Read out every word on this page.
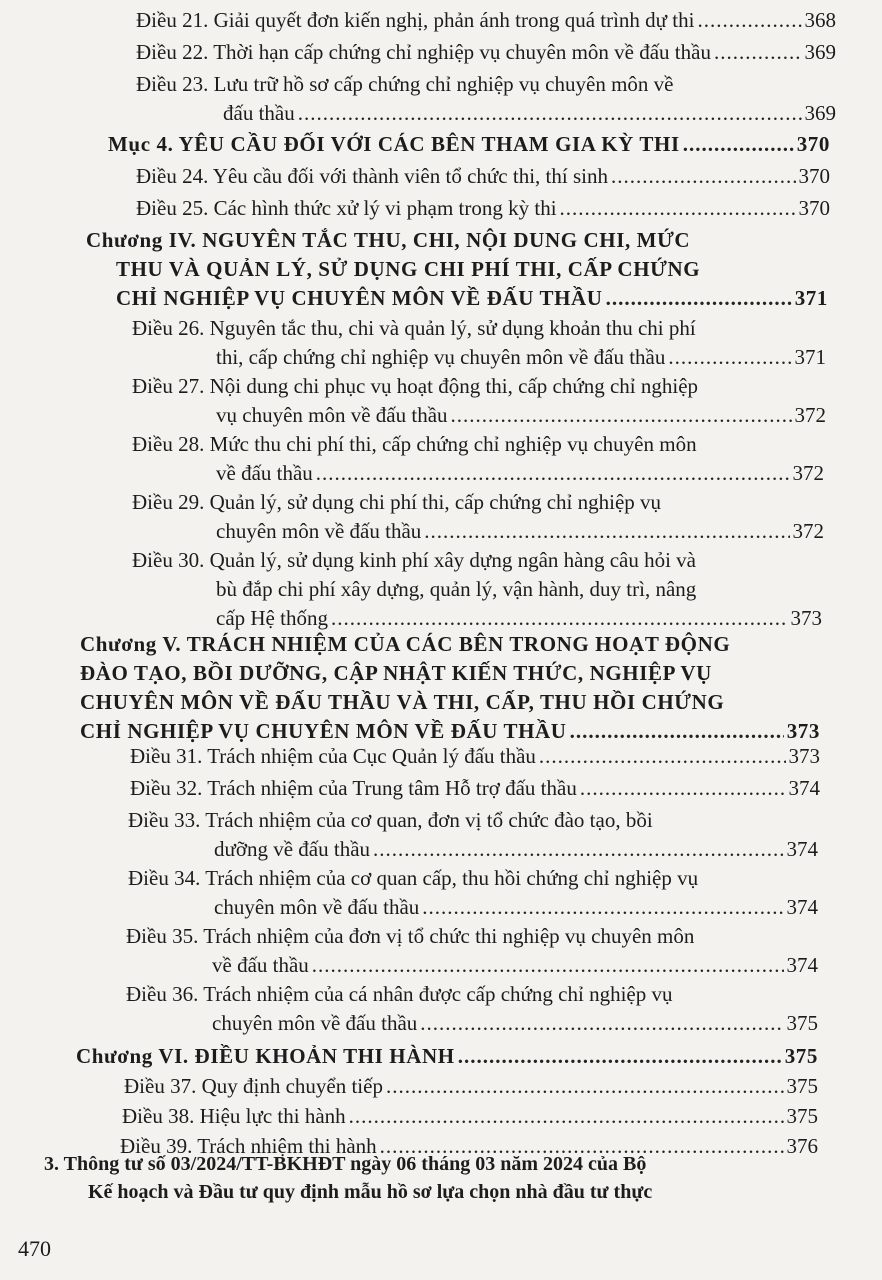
Điều 21. Giải quyết đơn kiến nghị, phản ánh trong quá trình dự thi .....	368
Điều 22. Thời hạn cấp chứng chỉ nghiệp vụ chuyên môn về đấu thầu .....	369
Điều 23. Lưu trữ hồ sơ cấp chứng chỉ nghiệp vụ chuyên môn về
đấu thầu .....	369
Mục 4. YÊU CẦU ĐỐI VỚI CÁC BÊN THAM GIA KỲ THI .....	370
Điều 24. Yêu cầu đối với thành viên tổ chức thi, thí sinh .....	370
Điều 25. Các hình thức xử lý vi phạm trong kỳ thi .....	370
Chương IV. NGUYÊN TẮC THU, CHI, NỘI DUNG CHI, MỨC
THU VÀ QUẢN LÝ, SỬ DỤNG CHI PHÍ THI, CẤP CHỨNG
CHỈ NGHIỆP VỤ CHUYÊN MÔN VỀ ĐẤU THẦU .....	371
Điều 26. Nguyên tắc thu, chi và quản lý, sử dụng khoản thu chi phí
thi, cấp chứng chỉ nghiệp vụ chuyên môn về đấu thầu .....	371
Điều 27. Nội dung chi phục vụ hoạt động thi, cấp chứng chỉ nghiệp
vụ chuyên môn về đấu thầu .....	372
Điều 28. Mức thu chi phí thi, cấp chứng chỉ nghiệp vụ chuyên môn
về đấu thầu .....	372
Điều 29. Quản lý, sử dụng chi phí thi, cấp chứng chỉ nghiệp vụ
chuyên môn về đấu thầu .....	372
Điều 30. Quản lý, sử dụng kinh phí xây dựng ngân hàng câu hỏi và
bù đắp chi phí xây dựng, quản lý, vận hành, duy trì, nâng
cấp Hệ thống .....	373
Chương V. TRÁCH NHIỆM CỦA CÁC BÊN TRONG HOẠT ĐỘNG
ĐÀO TẠO, BỒI DƯỠNG, CẬP NHẬT KIẾN THỨC, NGHIỆP VỤ
CHUYÊN MÔN VỀ ĐẤU THẦU VÀ THI, CẤP, THU HỒI CHỨNG
CHỈ NGHIỆP VỤ CHUYÊN MÔN VỀ ĐẤU THẦU .....	373
Điều 31. Trách nhiệm của Cục Quản lý đấu thầu .....	373
Điều 32. Trách nhiệm của Trung tâm Hỗ trợ đấu thầu .....	374
Điều 33. Trách nhiệm của cơ quan, đơn vị tổ chức đào tạo, bồi
dưỡng về đấu thầu .....	374
Điều 34. Trách nhiệm của cơ quan cấp, thu hồi chứng chỉ nghiệp vụ
chuyên môn về đấu thầu .....	374
Điều 35. Trách nhiệm của đơn vị tổ chức thi nghiệp vụ chuyên môn
về đấu thầu .....	374
Điều 36. Trách nhiệm của cá nhân được cấp chứng chỉ nghiệp vụ
chuyên môn về đấu thầu .....	375
Chương VI. ĐIỀU KHOẢN THI HÀNH .....	375
Điều 37. Quy định chuyển tiếp .....	375
Điều 38. Hiệu lực thi hành .....	375
Điều 39. Trách nhiệm thi hành .....	376
3. Thông tư số 03/2024/TT-BKHĐT ngày 06 tháng 03 năm 2024 của Bộ
Kế hoạch và Đầu tư quy định mẫu hồ sơ lựa chọn nhà đầu tư thực
470
